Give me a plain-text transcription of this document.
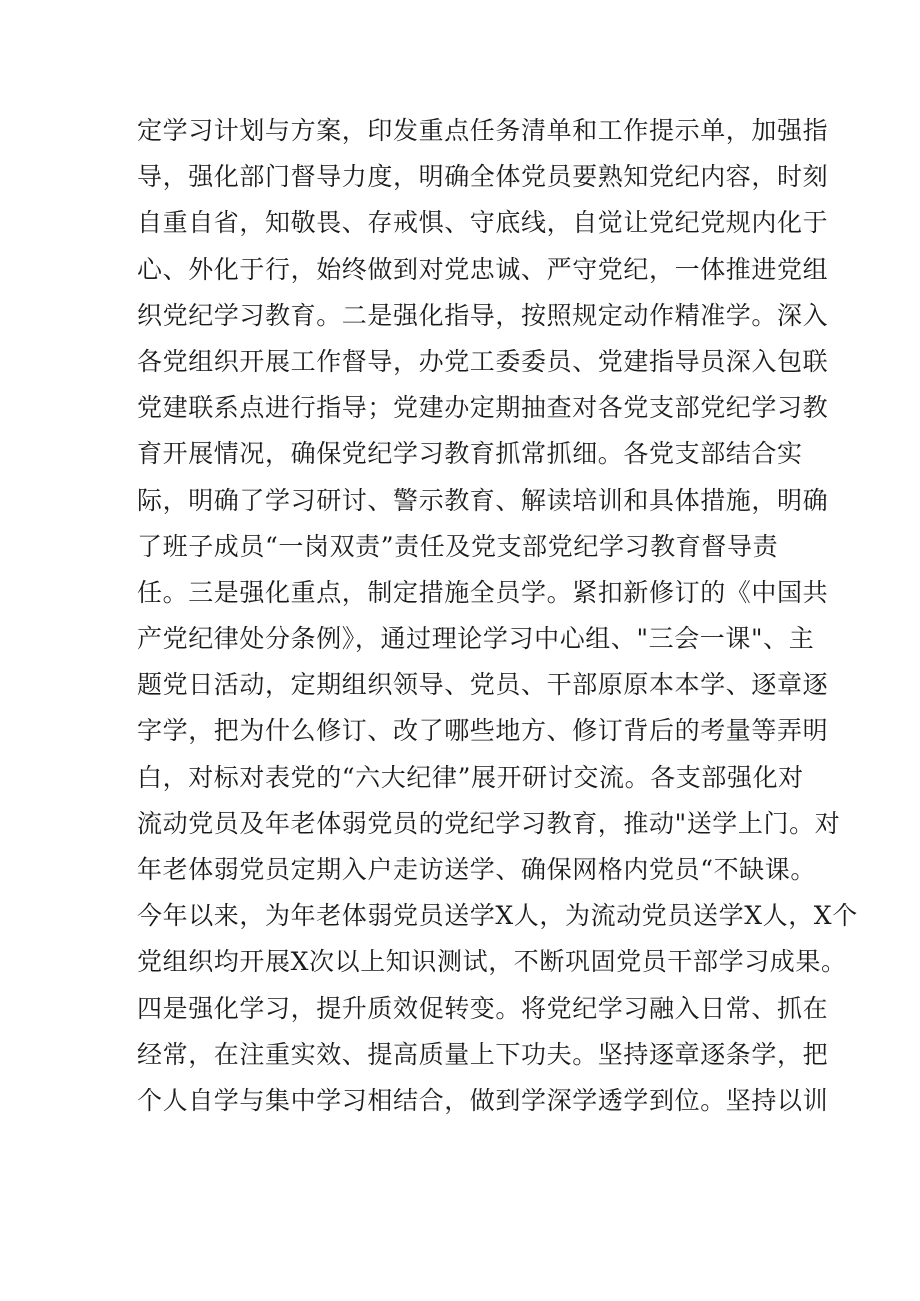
定学习计划与方案，印发重点任务清单和工作提示单，加强指
导，强化部门督导力度，明确全体党员要熟知党纪内容，时刻
自重自省，知敬畏、存戒惧、守底线，自觉让党纪党规内化于
心、外化于行，始终做到对党忠诚、严守党纪，一体推进党组
织党纪学习教育。二是强化指导，按照规定动作精准学。深入
各党组织开展工作督导，办党工委委员、党建指导员深入包联
党建联系点进行指导；党建办定期抽查对各党支部党纪学习教
育开展情况，确保党纪学习教育抓常抓细。各党支部结合实
际，明确了学习研讨、警示教育、解读培训和具体措施，明确
了班子成员“一岗双责”责任及党支部党纪学习教育督导责
任。三是强化重点，制定措施全员学。紧扣新修订的《中国共
产党纪律处分条例》，通过理论学习中心组、"三会一课"、主
题党日活动，定期组织领导、党员、干部原原本本学、逐章逐
字学，把为什么修订、改了哪些地方、修订背后的考量等弄明
白，对标对表党的“六大纪律”展开研讨交流。各支部强化对
流动党员及年老体弱党员的党纪学习教育，推动"送学上门。对
年老体弱党员定期入户走访送学、确保网格内党员“不缺课。
今年以来，为年老体弱党员送学X人，为流动党员送学X人，X个
党组织均开展X次以上知识测试，不断巩固党员干部学习成果。
四是强化学习，提升质效促转变。将党纪学习融入日常、抓在
经常，在注重实效、提高质量上下功夫。坚持逐章逐条学，把
个人自学与集中学习相结合，做到学深学透学到位。坚持以训
